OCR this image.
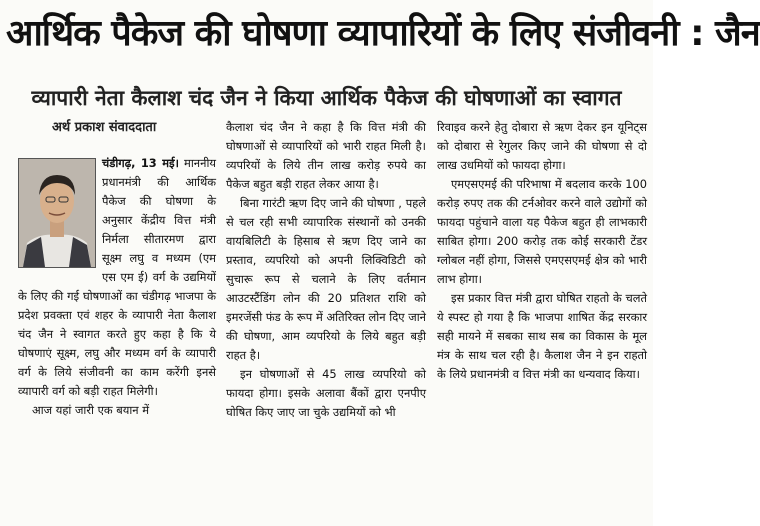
आर्थिक पैकेज की घोषणा व्यापारियों के लिए संजीवनी : जैन
व्यापारी नेता कैलाश चंद जैन ने किया आर्थिक पैकेज की घोषणाओं का स्वागत
अर्थ प्रकाश संवाददाता

चंडीगढ़, 13 मई।
माननीय प्रधानमंत्री की आर्थिक पैकेज की घोषणा के अनुसार केंद्रीय वित्त मंत्री निर्मला सीतारमण द्वारा सूक्ष्म लघु व मध्यम (एम एस एम ई) वर्ग के उद्यमियों के लिए की गई घोषणाओं का चंडीगढ़ भाजपा के प्रदेश प्रवक्ता एवं शहर के व्यापारी नेता कैलाश चंद जैन ने स्वागत करते हुए कहा है कि ये घोषणाएं सूक्ष्म, लघु और मध्यम वर्ग के व्यापारी वर्ग के लिये संजीवनी का काम करेंगी इनसे व्यापारी वर्ग को बड़ी राहत मिलेगी।

आज यहां जारी एक बयान में

कैलाश चंद जैन ने कहा है कि वित्त मंत्री की घोषणाओं से व्यापारियों को भारी राहत मिली है। व्यपरियों के लिये तीन लाख करोड़ रुपये का पैकेज बहुत बड़ी राहत लेकर आया है।

बिना गारंटी ऋण दिए जाने की घोषणा , पहले से चल रही सभी व्यापारिक संस्थानों को उनकी वायबिलिटी के हिसाब से ऋण दिए जाने का प्रस्ताव, व्यपरियो को अपनी लिक्विडिटी को सुचारू रूप से चलाने के लिए वर्तमान आउटस्टैंडिंग लोन की 20 प्रतिशत राशि को इमरजेंसी फंड के रूप में अतिरिक्त लोन दिए जाने की घोषणा, आम व्यपरियो के लिये बहुत बड़ी राहत है।

इन घोषणाओं से 45 लाख व्यपरियो को फायदा होगा। इसके अलावा बैंकों द्वारा एनपीए घोषित किए जाए जा चुके उद्यमियों को भी

रिवाइव करने हेतु दोबारा से ऋण देकर इन यूनिट्स को दोबारा से रेगुलर किए जाने की घोषणा से दो लाख उधमियों को फायदा होगा।

एमएसएमई की परिभाषा में बदलाव करके 100 करोड़ रुपए तक की टर्नओवर करने वाले उद्योगों को फायदा पहुंचाने वाला यह पैकेज बहुत ही लाभकारी साबित होगा। 200 करोड़ तक कोई सरकारी टेंडर ग्लोबल नहीं होगा, जिससे एमएसएमई क्षेत्र को भारी लाभ होगा।

इस प्रकार वित्त मंत्री द्वारा घोषित राहतो के चलते ये स्पस्ट हो गया है कि भाजपा शाषित केंद्र सरकार सही मायने में सबका साथ सब का विकास के मूल मंत्र के साथ चल रही है। कैलाश जैन ने इन राहतो के लिये प्रधानमंत्री व वित्त मंत्री का धन्यवाद किया।
